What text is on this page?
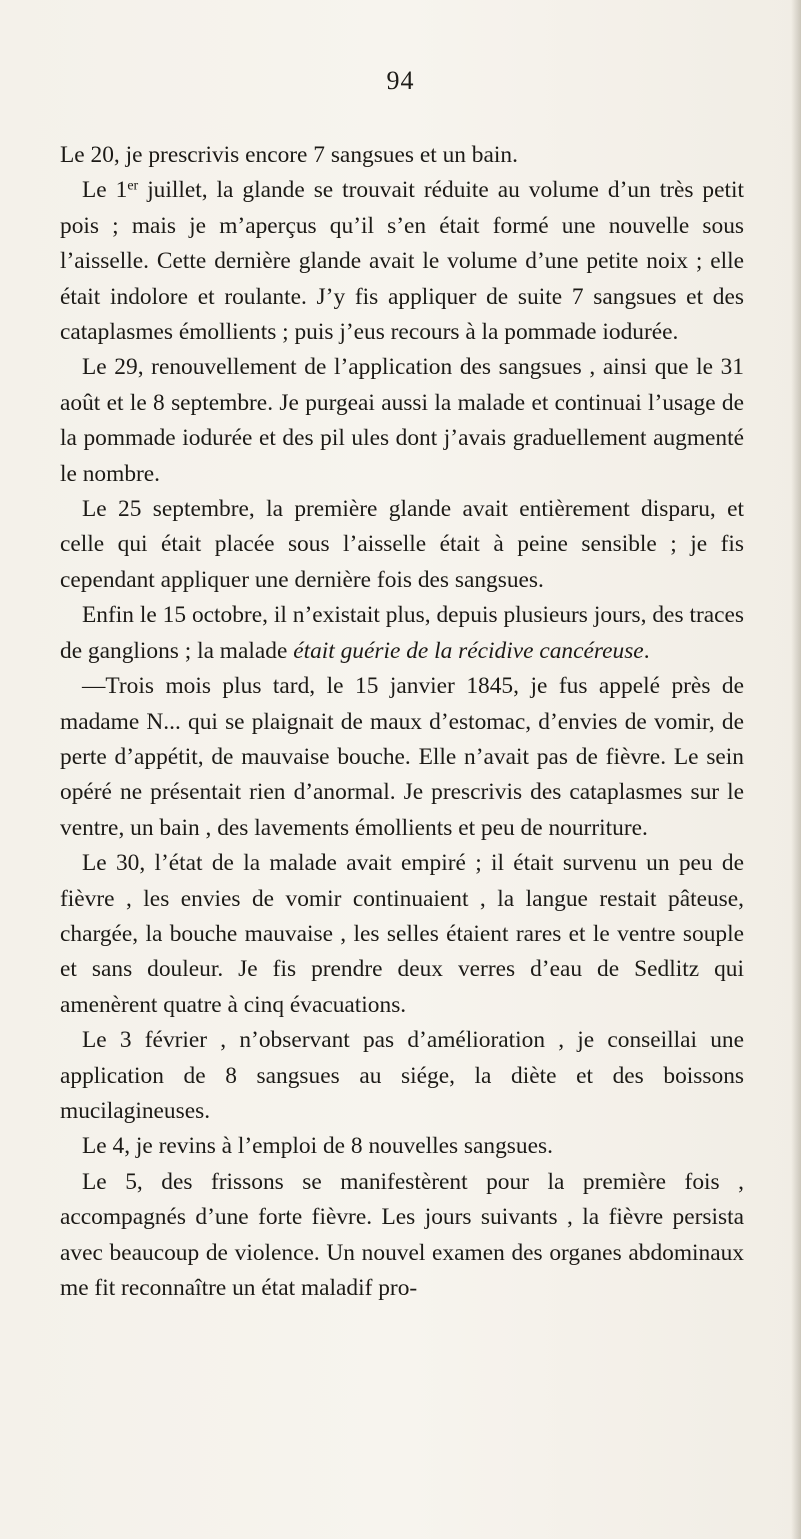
94

Le 20, je prescrivis encore 7 sangsues et un bain.

Le 1er juillet, la glande se trouvait réduite au volume d’un très petit pois ; mais je m’aperçus qu’il s’en était formé une nouvelle sous l’aisselle. Cette dernière glande avait le volume d’une petite noix ; elle était indolore et roulante. J’y fis appliquer de suite 7 sangsues et des cataplasmes émollients ; puis j’eus recours à la pommade iodurée.

Le 29, renouvellement de l’application des sangsues , ainsi que le 31 août et le 8 septembre. Je purgeai aussi la malade et continuai l’usage de la pommade iodurée et des pil ules dont j’avais graduellement augmenté le nombre.

Le 25 septembre, la première glande avait entièrement disparu, et celle qui était placée sous l’aisselle était à peine sensible ; je fis cependant appliquer une dernière fois des sangsues.

Enfin le 15 octobre, il n’existait plus, depuis plusieurs jours, des traces de ganglions ; la malade était guérie de la récidive cancéreuse.

—Trois mois plus tard, le 15 janvier 1845, je fus appelé près de madame N... qui se plaignait de maux d’estomac, d’envies de vomir, de perte d’appétit, de mauvaise bouche. Elle n’avait pas de fièvre. Le sein opéré ne présentait rien d’anormal. Je prescrivis des cataplasmes sur le ventre, un bain , des lavements émollients et peu de nourriture.

Le 30, l’état de la malade avait empiré ; il était survenu un peu de fièvre , les envies de vomir continuaient , la langue restait pâteuse, chargée, la bouche mauvaise , les selles étaient rares et le ventre souple et sans douleur. Je fis prendre deux verres d’eau de Sedlitz qui amenèrent quatre à cinq évacuations.

Le 3 février , n’observant pas d’amélioration , je conseillai une application de 8 sangsues au siége, la diète et des boissons mucilagineuses.

Le 4, je revins à l’emploi de 8 nouvelles sangsues.

Le 5, des frissons se manifestèrent pour la première fois , accompagnés d’une forte fièvre. Les jours suivants , la fièvre persista avec beaucoup de violence. Un nouvel examen des organes abdominaux me fit reconnaître un état maladif pro-
